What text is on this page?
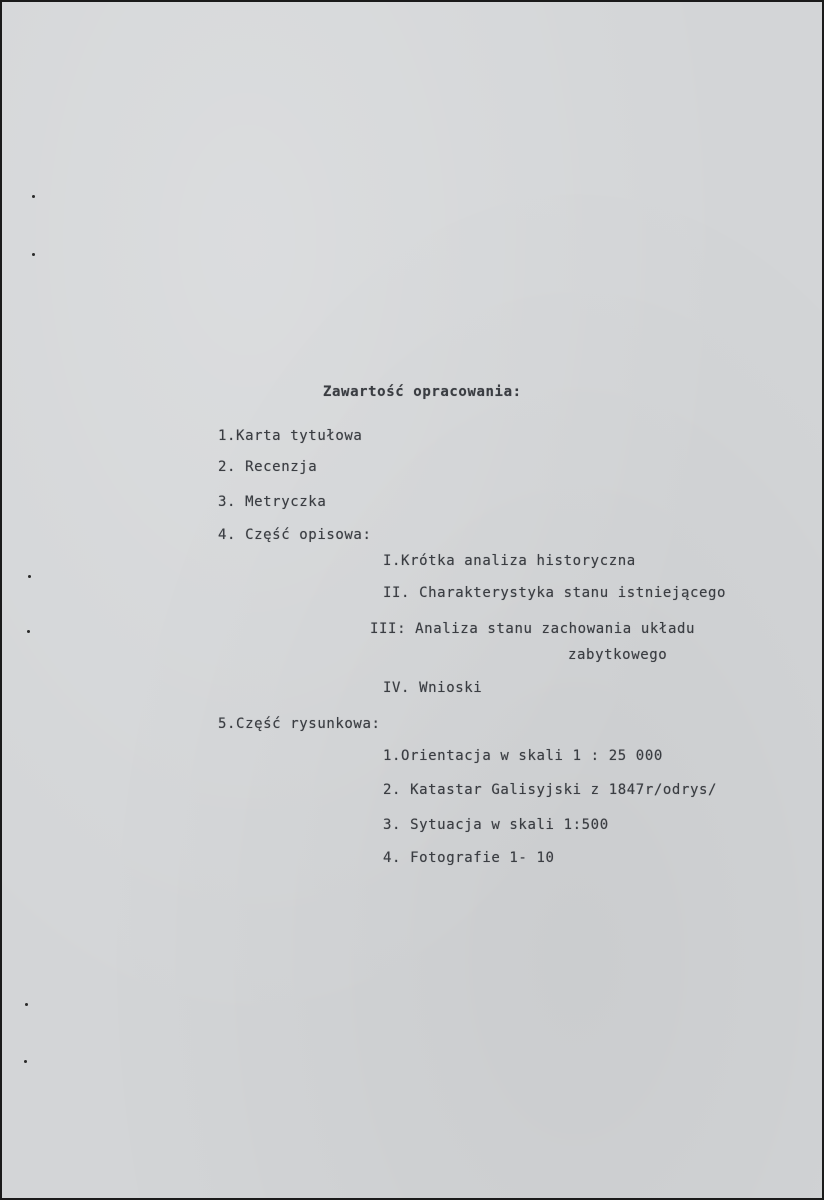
Zawartość opracowania:
1.Karta tytułowa
2. Recenzja
3. Metryczka
4. Część opisowa:
I.Krótka analiza historyczna
II. Charakterystyka stanu istniejącego
III: Analiza stanu zachowania układu
zabytkowego
IV. Wnioski
5.Część rysunkowa:
1.Orientacja w skali 1 : 25 000
2. Katastar Galisyjski z 1847r/odrys/
3. Sytuacja w skali 1:500
4. Fotografie 1- 10
